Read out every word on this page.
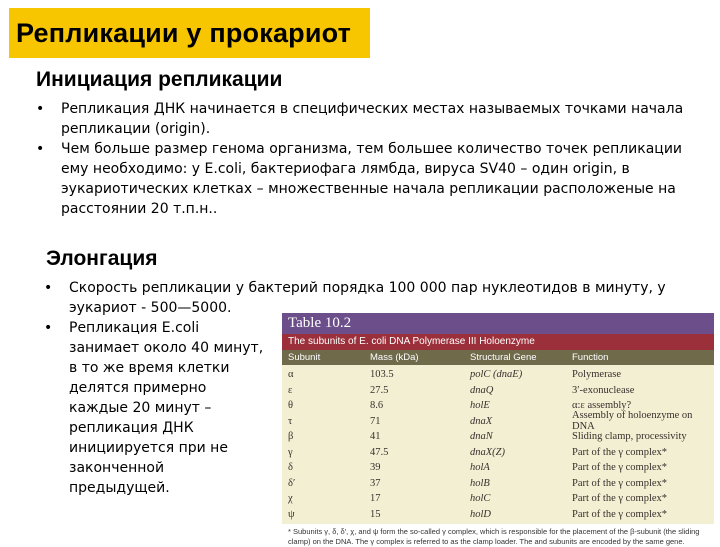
Репликации у прокариот
Инициация репликации
• Репликация ДНК начинается в специфических местах называемых точками начала репликации (origin).
• Чем больше размер генома организма, тем большее количество точек репликации ему необходимо: у E.coli, бактериофага лямбда, вируса SV40 – один origin, в эукариотических клетках – множественные начала репликации расположеные на расстоянии 20 т.п.н..
Элонгация
• Скорость репликации у бактерий порядка 100 000 пар нуклеотидов в минуту, у эукариот - 500—5000.
• Репликация E.coli занимает около 40 минут, в то же время клетки делятся примерно каждые 20 минут – репликация ДНК инициируется при не законченной предыдущей.
Table 10.2
The subunits of E. coli DNA Polymerase III Holoenzyme
Subunit	Mass (kDa)	Structural Gene	Function
α	103.5	polC (dnaE)	Polymerase
ε	27.5	dnaQ	3′-exonuclease
θ	8.6	holE	α:ε assembly?
τ	71	dnaX	Assembly of holoenzyme on DNA
β	41	dnaN	Sliding clamp, processivity
γ	47.5	dnaX(Z)	Part of the γ complex*
δ	39	holA	Part of the γ complex*
δ′	37	holB	Part of the γ complex*
χ	17	holC	Part of the γ complex*
ψ	15	holD	Part of the γ complex*
* Subunits γ, δ, δ′, χ, and ψ form the so-called γ complex, which is responsible for the placement of the β-subunit (the sliding clamp) on the DNA. The γ complex is referred to as the clamp loader. The and subunits are encoded by the same gene.
